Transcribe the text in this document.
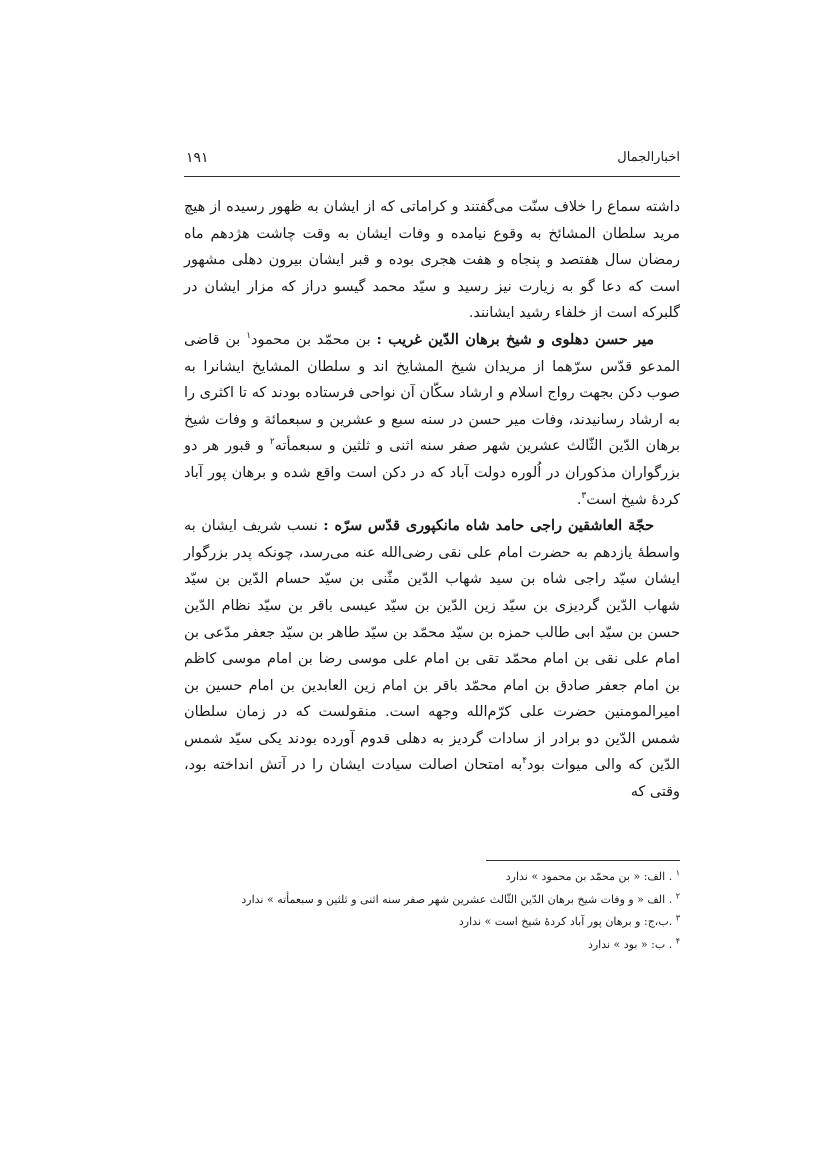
اخبارالجمال
۱۹۱

داشته سماع را خلاف سنّت می‌گفتند و کراماتی که از ایشان به ظهور رسیده از هیچ مرید سلطان المشائخ به وقوع نیامده و وفات ایشان به وقت چاشت هژدهم ماه رمضان سال هفتصد و پنجاه و هفت هجری بوده و قبر ایشان بیرون دهلی مشهور است که دعا گو به زیارت نیز رسید و سیّد محمد گیسو دراز که مزار ایشان در گلبرکه است از خلفاء رشید ایشانند.

میر حسن دهلوی و شیخ برهان الدّین غریب : بن محمّد بن محمود$^۱$ بن قاضی المدعو قدّس سرّهما از مریدان شیخ المشایخ اند و سلطان المشایخ ایشانرا به صوب دکن بجهت رواج اسلام و ارشاد سکّان آن نواحی فرستاده بودند که تا اکثری را به ارشاد رسانیدند، وفات میر حسن در سنه سبع و عشرین و سبعمائة و وفات شیخ برهان الدّین الثّالث عشرین شهر صفر سنه اثنی و ثلثین و سبعمأته$^۲$ و قبور هر دو بزرگواران مذکوران در اُلوره دولت آباد که در دکن است واقع شده و برهان پور آباد کردهٔ شیخ است$^۳$.

حجّة العاشقین راجی حامد شاه مانکپوری قدّس سرّه : نسب شریف ایشان به واسطهٔ یازدهم به حضرت امام علی نقی رضی‌الله عنه می‌رسد، چونکه پدر بزرگوار ایشان سیّد راجی شاه بن سید شهاب الدّین مثّنی بن سیّد حسام الدّین بن سیّد شهاب الدّین گردیزی بن سیّد زین الدّین بن سیّد عیسی باقر بن سیّد نظام الدّین حسن بن سیّد ابی طالب حمزه بن سیّد محمّد بن سیّد طاهر بن سیّد جعفر مدّعی بن امام علی نقی بن امام محمّد تقی بن امام علی موسی رضا بن امام موسی کاظم بن امام جعفر صادق بن امام محمّد باقر بن امام زین العابدین بن امام حسین بن امیرالمومنین حضرت علی کرّم‌الله وجهه است. منقولست که در زمان سلطان شمس الدّین دو برادر از سادات گردیز به دهلی قدوم آورده بودند یکی سیّد شمس الدّین که والی میوات بود$^۴$به امتحان اصالت سیادت ایشان را در آتش انداخته بود، وقتی که

$^۱$ . الف: « بن محمّد بن محمود » ندارد
$^۲$ . الف « و وفات شیخ برهان الدّین الثّالث عشرین شهر صفر سنه اثنی و ثلثین و سبعمأته » ندارد
$^۳$ .ب،ج: و برهان پور آباد کردهٔ شیخ است » ندارد
$^۴$ . ب: « بود » ندارد
